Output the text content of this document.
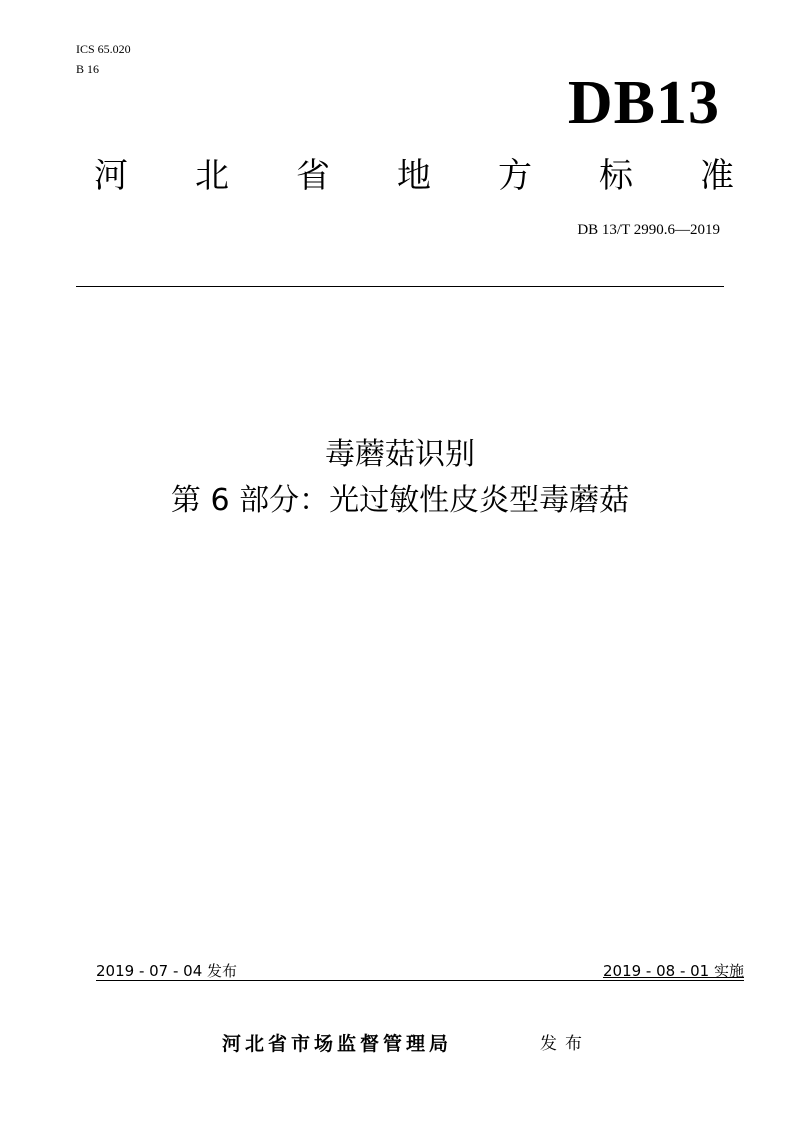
ICS 65.020
B 16	DB13
河 北 省 地 方 标 准
DB 13/T 2990.6—2019
毒蘑菇识别
第 6 部分：光过敏性皮炎型毒蘑菇
2019 - 07 - 04 发布	2019 - 08 - 01 实施
河北省市场监督管理局	发布
